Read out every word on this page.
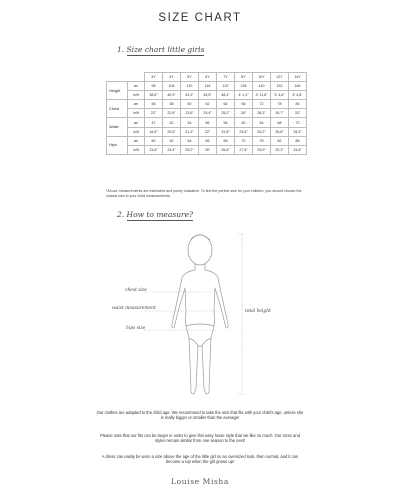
SIZE CHART
1. Size chart little girls
		3Y	4Y	5Y	6Y	7Y	8Y	10Y	12Y	14Y
Height	cm	98	104	110	116	122	128	140	152	164
	in/ft	38,6"	40,9"	43,3"	45,5"	48,4"	4' 1,1"	4' 11,8"	5' 4,6"	5' 4,8"
Chest	cm	56	58	60	62	64	66	72	78	84
	in/ft	22"	22,8"	23,6"	24,4"	25,2"	26"	28,3"	30,7"	33"
Waist	cm	47	52	54	56	58	60	64	68	72
	in/ft	18,5"	20,5"	21,3"	22"	22,8"	23,6"	25,2"	26,8"	28,3"
Hips	cm	60	62	64	66	68	70	76	82	88
	in/ft	23,6"	24,4"	25,2"	26"	26,8"	27,6"	29,9"	32,3"	34,6"
*All our measurements are estimated and purely indicative. To find the perfect size for your children, you should choose the closest size to your child measurements.
2. How to measure?
chest size
waist measurement
hips size
total height
Our clothes are adapted to the child age. We recommend to take the size that fits with your child's age, unless she is really bigger or smaller than the average!
Please note that our fits can be larger in order to give this easy loose style that we like so much. Our sizes and styles remain similar from one season to the next!
A dress can easily be worn a size above the age of the little girl so an oversized look, then normal, and it can become a top when the girl grows up!
Louise Misha
